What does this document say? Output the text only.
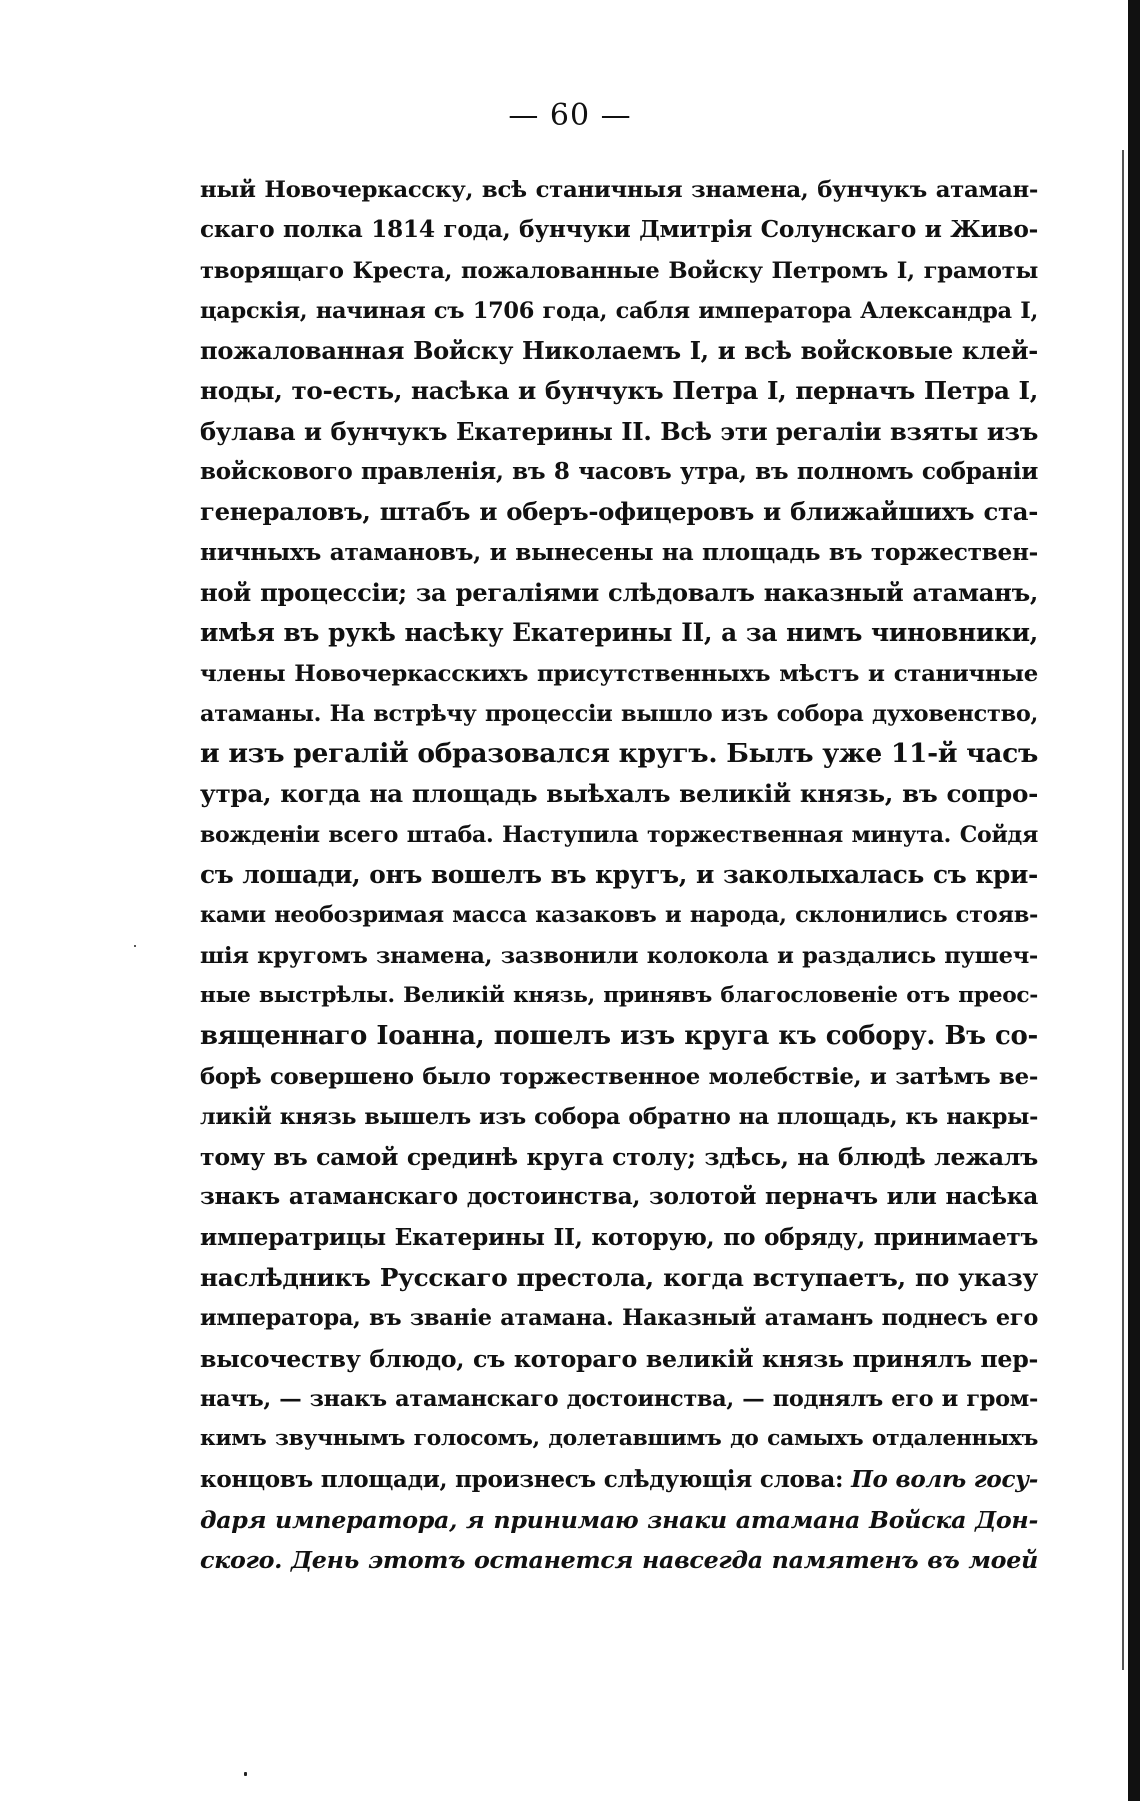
— 60 —
ный Новочеркасску, всѣ станичныя знамена, бунчукъ атаман-
скаго полка 1814 года, бунчуки Дмитрія Солунскаго и Живо-
творящаго Креста, пожалованные Войску Петромъ I, грамоты
царскія, начиная съ 1706 года, сабля императора Александра I,
пожалованная Войску Николаемъ I, и всѣ войсковые клей-
ноды, то-есть, насѣка и бунчукъ Петра I, перначъ Петра I,
булава и бунчукъ Екатерины II. Всѣ эти регаліи взяты изъ
войскового правленія, въ 8 часовъ утра, въ полномъ собраніи
генераловъ, штабъ и оберъ-офицеровъ и ближайшихъ ста-
ничныхъ атамановъ, и вынесены на площадь въ торжествен-
ной процессіи; за регаліями слѣдовалъ наказный атаманъ,
имѣя въ рукѣ насѣку Екатерины II, а за нимъ чиновники,
члены Новочеркасскихъ присутственныхъ мѣстъ и станичные
атаманы. На встрѣчу процессіи вышло изъ собора духовенство,
и изъ регалій образовался кругъ. Былъ уже 11-й часъ
утра, когда на площадь выѣхалъ великій князь, въ сопро-
вожденіи всего штаба. Наступила торжественная минута. Сойдя
съ лошади, онъ вошелъ въ кругъ, и заколыхалась съ кри-
ками необозримая масса казаковъ и народа, склонились стояв-
шія кругомъ знамена, зазвонили колокола и раздались пушеч-
ные выстрѣлы. Великій князь, принявъ благословеніе отъ преос-
вященнаго Іоанна, пошелъ изъ круга къ собору. Въ со-
борѣ совершено было торжественное молебствіе, и затѣмъ ве-
ликій князь вышелъ изъ собора обратно на площадь, къ накры-
тому въ самой срединѣ круга столу; здѣсь, на блюдѣ лежалъ
знакъ атаманскаго достоинства, золотой перначъ или насѣка
императрицы Екатерины II, которую, по обряду, принимаетъ
наслѣдникъ Русскаго престола, когда вступаетъ, по указу
императора, въ званіе атамана. Наказный атаманъ поднесъ его
высочеству блюдо, съ котораго великій князь принялъ пер-
начъ, — знакъ атаманскаго достоинства, — поднялъ его и гром-
кимъ звучнымъ голосомъ, долетавшимъ до самыхъ отдаленныхъ
концовъ площади, произнесъ слѣдующія слова: По волѣ госу-
даря императора, я принимаю знаки атамана Войска Дон-
ского. День этотъ останется навсегда памятенъ въ моей
